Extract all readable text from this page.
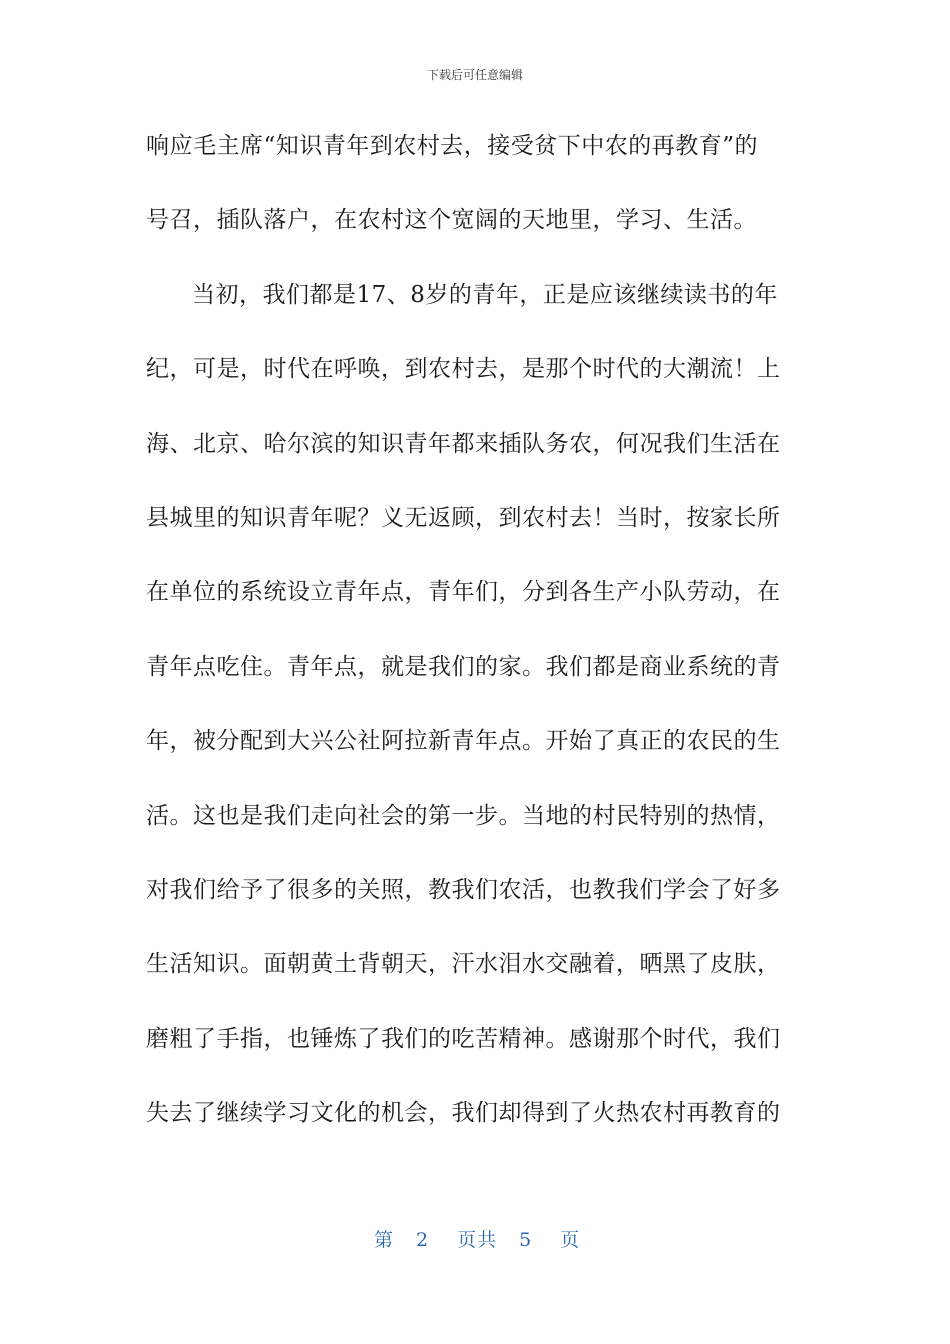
下载后可任意编辑
响应毛主席“知识青年到农村去，接受贫下中农的再教育”的
号召，插队落户，在农村这个宽阔的天地里，学习、生活。
当初，我们都是17、8岁的青年，正是应该继续读书的年
纪，可是，时代在呼唤，到农村去，是那个时代的大潮流！上
海、北京、哈尔滨的知识青年都来插队务农，何况我们生活在
县城里的知识青年呢？义无返顾，到农村去！当时，按家长所
在单位的系统设立青年点，青年们，分到各生产小队劳动，在
青年点吃住。青年点，就是我们的家。我们都是商业系统的青
年，被分配到大兴公社阿拉新青年点。开始了真正的农民的生
活。这也是我们走向社会的第一步。当地的村民特别的热情，
对我们给予了很多的关照，教我们农活，也教我们学会了好多
生活知识。面朝黄土背朝天，汗水泪水交融着，晒黑了皮肤，
磨粗了手指，也锤炼了我们的吃苦精神。感谢那个时代，我们
失去了继续学习文化的机会，我们却得到了火热农村再教育的
第 2 页共 5 页
